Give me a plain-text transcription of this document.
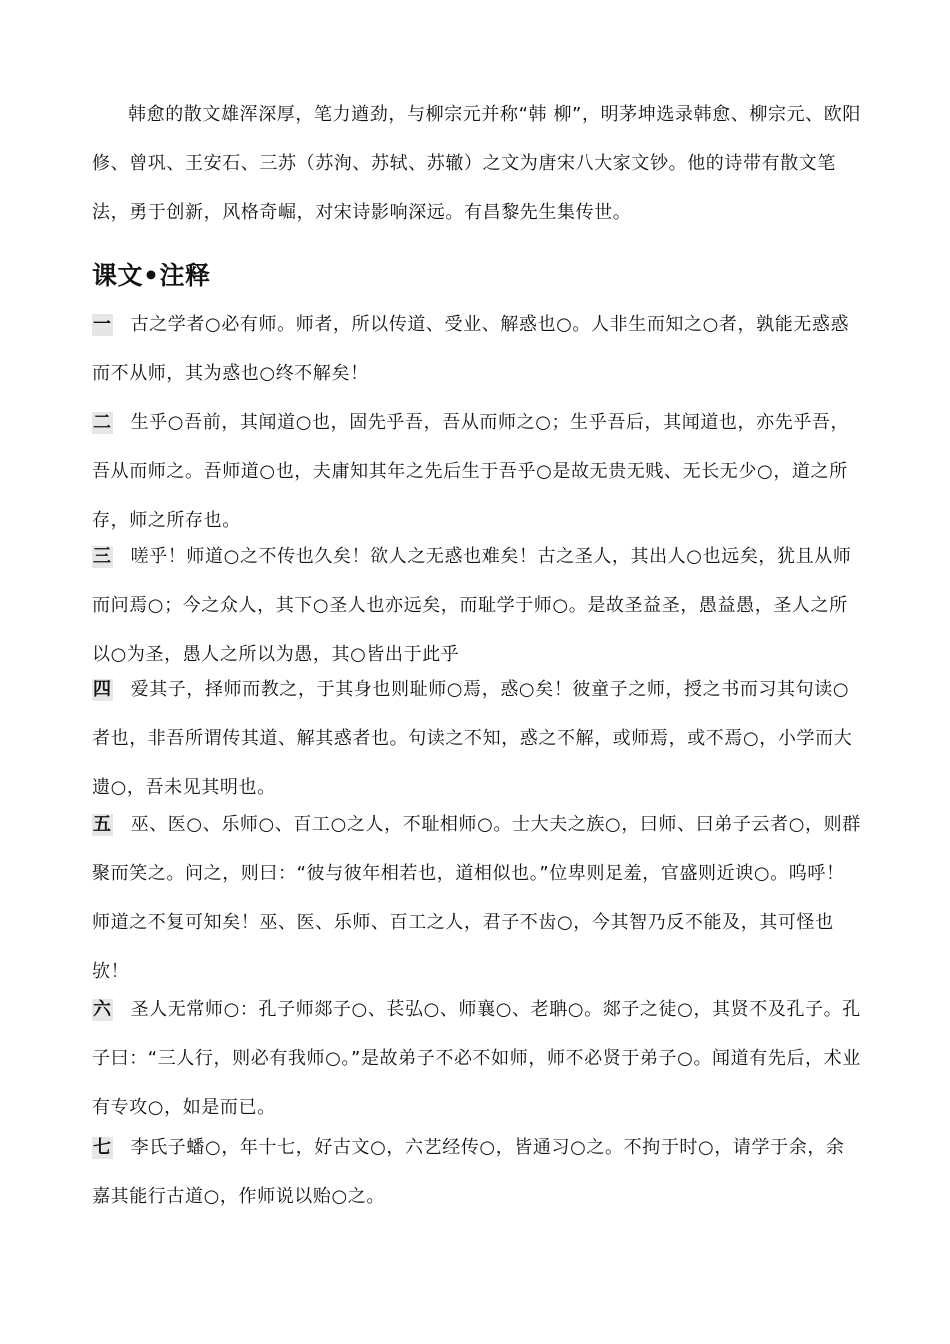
韩愈的散文雄浑深厚，笔力遒劲，与柳宗元并称“韩 柳”，明茅坤选录韩愈、柳宗元、欧阳修、曾巩、王安石、三苏（苏洵、苏轼、苏辙）之文为唐宋八大家文钞。他的诗带有散文笔法，勇于创新，风格奇崛，对宋诗影响深远。有昌黎先生集传世。

课文•注释

一 古之学者○必有师。师者，所以传道、受业、解惑也○。人非生而知之○者，孰能无惑惑而不从师，其为惑也○终不解矣！

二 生乎○吾前，其闻道○也，固先乎吾，吾从而师之○；生乎吾后，其闻道也，亦先乎吾，吾从而师之。吾师道○也，夫庸知其年之先后生于吾乎○是故无贵无贱、无长无少○，道之所存，师之所存也。

三 嗟乎！师道○之不传也久矣！欲人之无惑也难矣！古之圣人，其出人○也远矣，犹且从师而问焉○；今之众人，其下○圣人也亦远矣，而耻学于师○。是故圣益圣，愚益愚，圣人之所以○为圣，愚人之所以为愚，其○皆出于此乎

四 爱其子，择师而教之，于其身也则耻师○焉，惑○矣！彼童子之师，授之书而习其句读○者也，非吾所谓传其道、解其惑者也。句读之不知，惑之不解，或师焉，或不焉○，小学而大遗○，吾未见其明也。

五 巫、医○、乐师○、百工○之人，不耻相师○。士大夫之族○，曰师、曰弟子云者○，则群聚而笑之。问之，则曰：“彼与彼年相若也，道相似也。”位卑则足羞，官盛则近谀○。呜呼！师道之不复可知矣！巫、医、乐师、百工之人，君子不齿○，今其智乃反不能及，其可怪也欤！

六 圣人无常师○：孔子师郯子○、苌弘○、师襄○、老聃○。郯子之徒○，其贤不及孔子。孔子曰：“三人行，则必有我师○。”是故弟子不必不如师，师不必贤于弟子○。闻道有先后，术业有专攻○，如是而已。

七 李氏子蟠○，年十七，好古文○，六艺经传○，皆通习○之。不拘于时○，请学于余，余嘉其能行古道○，作师说以贻○之。
